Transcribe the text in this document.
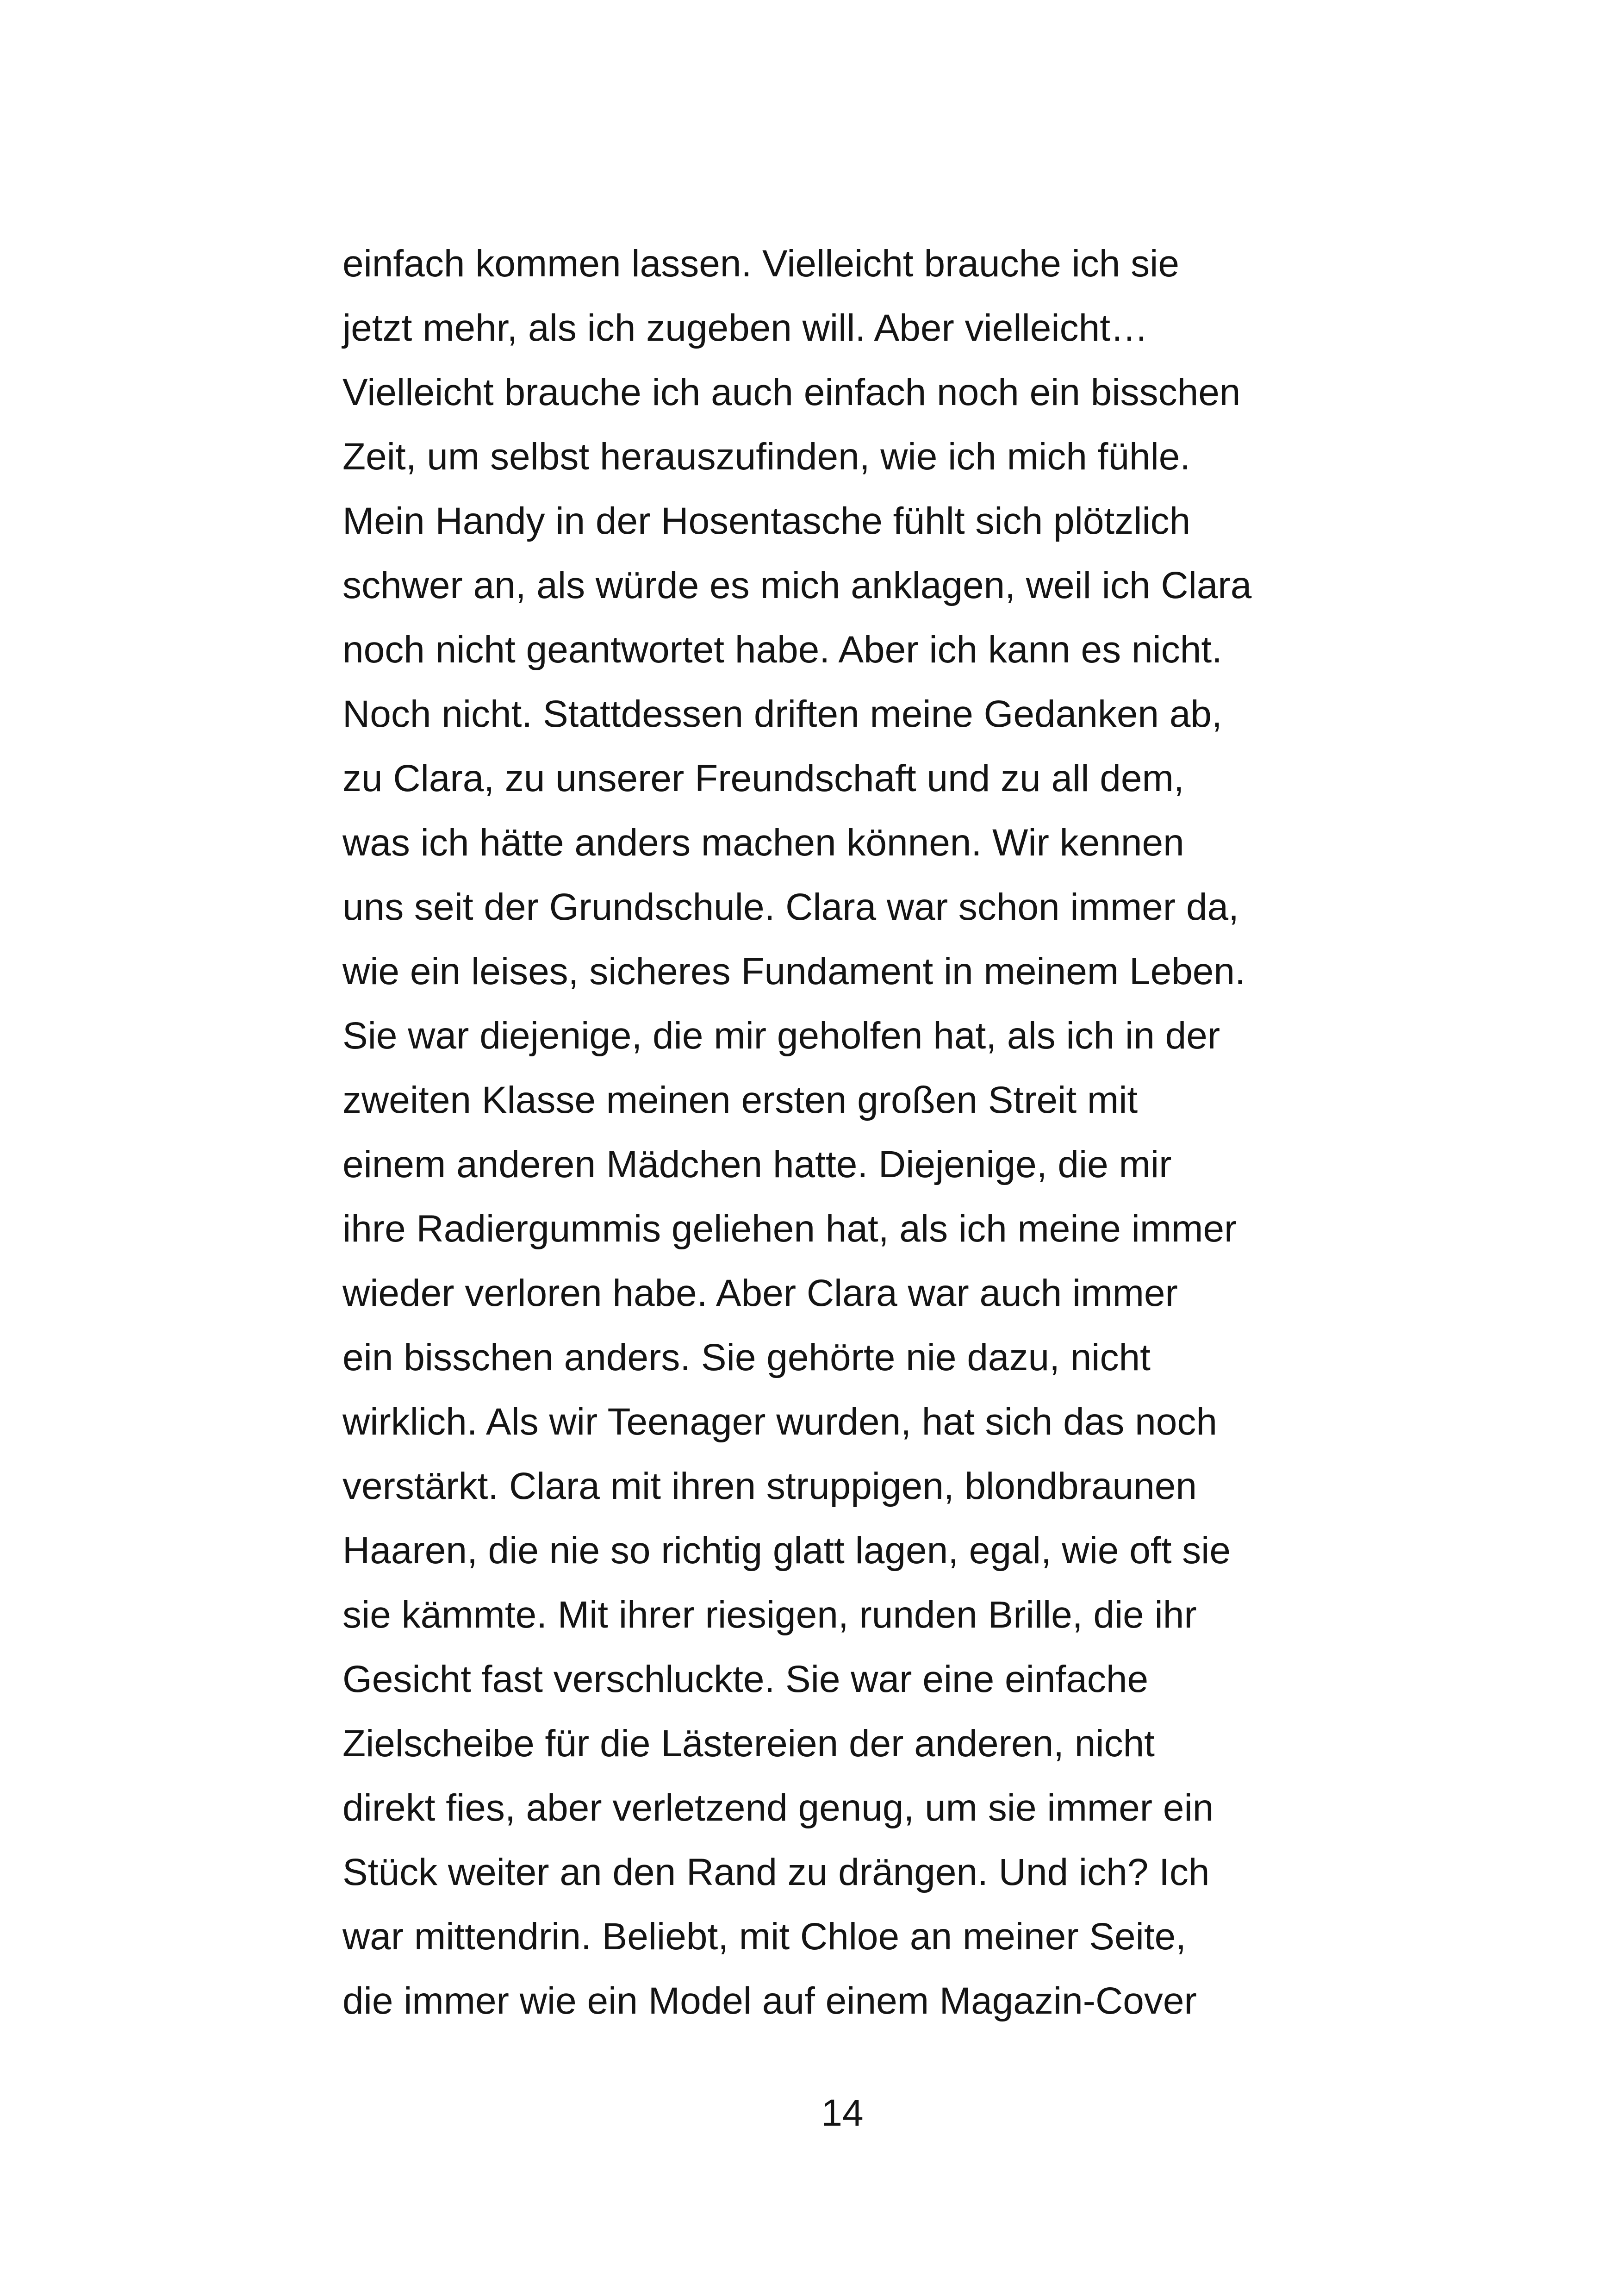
einfach kommen lassen. Vielleicht brauche ich sie
jetzt mehr, als ich zugeben will. Aber vielleicht…
Vielleicht brauche ich auch einfach noch ein bisschen
Zeit, um selbst herauszufinden, wie ich mich fühle.
Mein Handy in der Hosentasche fühlt sich plötzlich
schwer an, als würde es mich anklagen, weil ich Clara
noch nicht geantwortet habe. Aber ich kann es nicht.
Noch nicht. Stattdessen driften meine Gedanken ab,
zu Clara, zu unserer Freundschaft und zu all dem,
was ich hätte anders machen können. Wir kennen
uns seit der Grundschule. Clara war schon immer da,
wie ein leises, sicheres Fundament in meinem Leben.
Sie war diejenige, die mir geholfen hat, als ich in der
zweiten Klasse meinen ersten großen Streit mit
einem anderen Mädchen hatte. Diejenige, die mir
ihre Radiergummis geliehen hat, als ich meine immer
wieder verloren habe. Aber Clara war auch immer
ein bisschen anders. Sie gehörte nie dazu, nicht
wirklich. Als wir Teenager wurden, hat sich das noch
verstärkt. Clara mit ihren struppigen, blondbraunen
Haaren, die nie so richtig glatt lagen, egal, wie oft sie
sie kämmte. Mit ihrer riesigen, runden Brille, die ihr
Gesicht fast verschluckte. Sie war eine einfache
Zielscheibe für die Lästereien der anderen, nicht
direkt fies, aber verletzend genug, um sie immer ein
Stück weiter an den Rand zu drängen. Und ich? Ich
war mittendrin. Beliebt, mit Chloe an meiner Seite,
die immer wie ein Model auf einem Magazin-Cover
14
